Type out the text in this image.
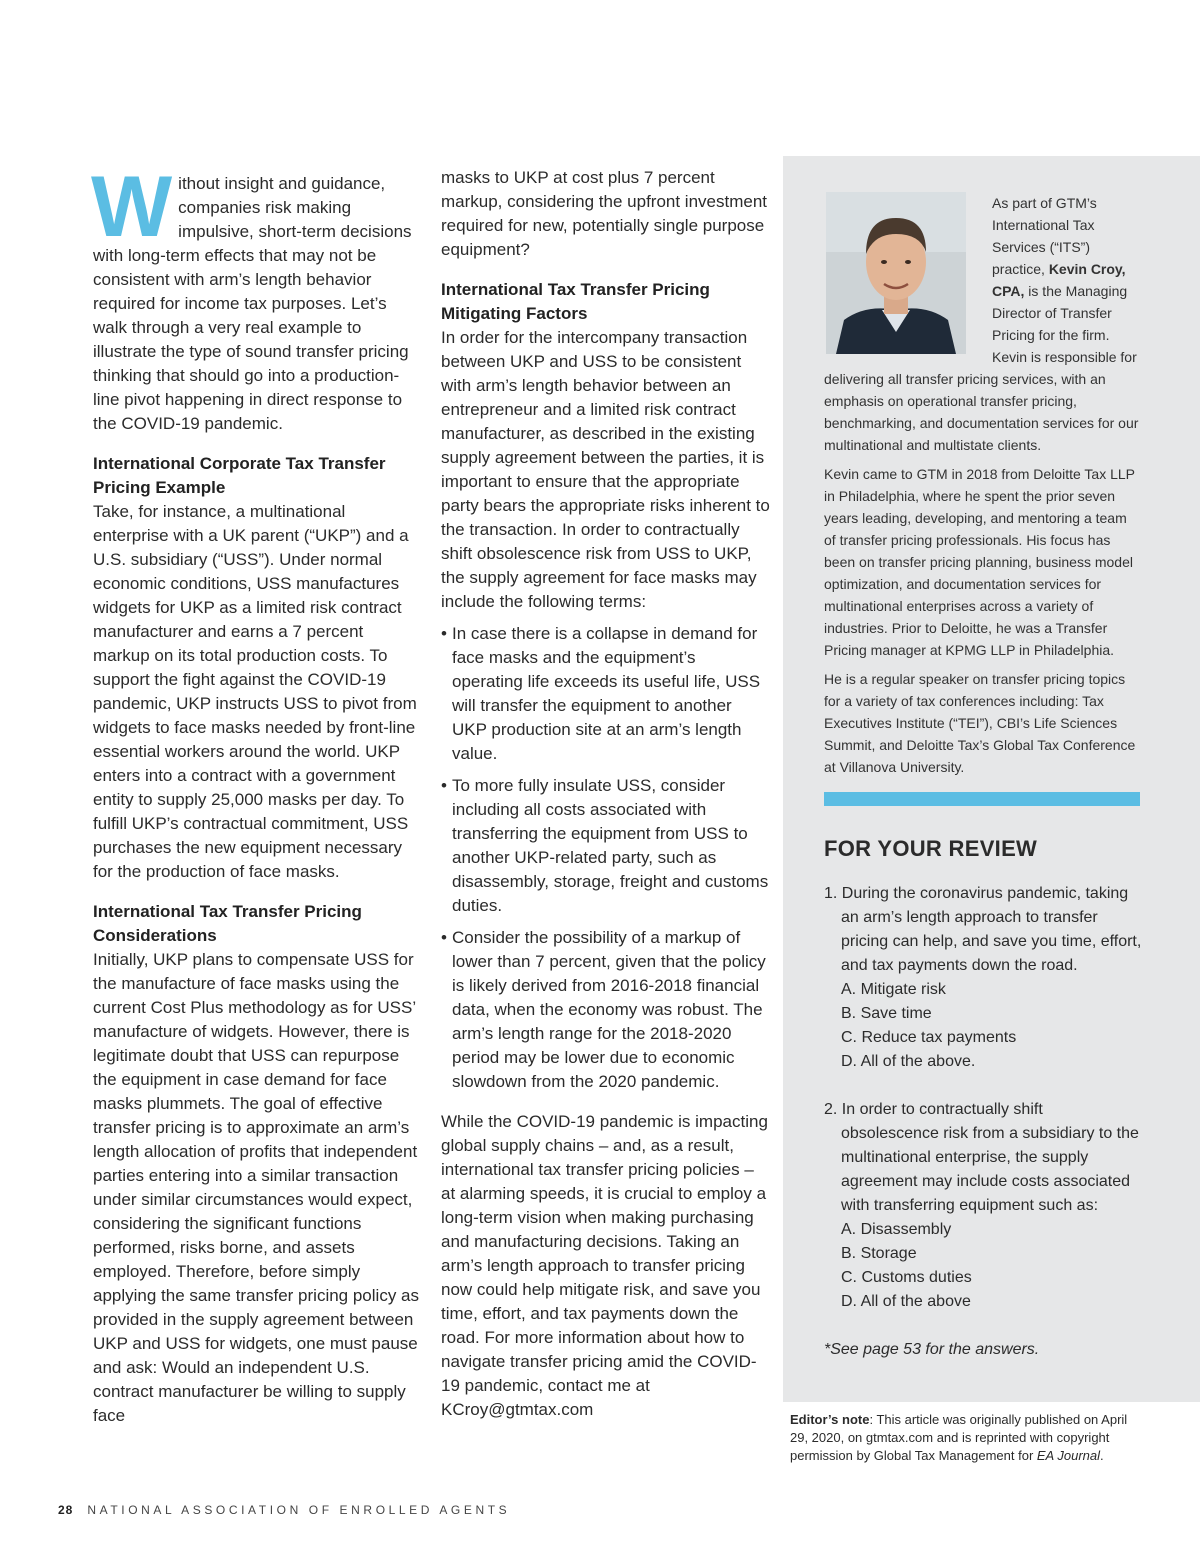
Without insight and guidance, companies risk making impulsive, short-term decisions with long-term effects that may not be consistent with arm’s length behavior required for income tax purposes. Let’s walk through a very real example to illustrate the type of sound transfer pricing thinking that should go into a production-line pivot happening in direct response to the COVID-19 pandemic.

International Corporate Tax Transfer Pricing Example

Take, for instance, a multinational enterprise with a UK parent (“UKP”) and a U.S. subsidiary (“USS”). Under normal economic conditions, USS manufactures widgets for UKP as a limited risk contract manufacturer and earns a 7 percent markup on its total production costs. To support the fight against the COVID-19 pandemic, UKP instructs USS to pivot from widgets to face masks needed by front-line essential workers around the world. UKP enters into a contract with a government entity to supply 25,000 masks per day. To fulfill UKP’s contractual commitment, USS purchases the new equipment necessary for the production of face masks.

International Tax Transfer Pricing Considerations

Initially, UKP plans to compensate USS for the manufacture of face masks using the current Cost Plus methodology as for USS’ manufacture of widgets. However, there is legitimate doubt that USS can repurpose the equipment in case demand for face masks plummets. The goal of effective transfer pricing is to approximate an arm’s length allocation of profits that independent parties entering into a similar transaction under similar circumstances would expect, considering the significant functions performed, risks borne, and assets employed. Therefore, before simply applying the same transfer pricing policy as provided in the supply agreement between UKP and USS for widgets, one must pause and ask: Would an independent U.S. contract manufacturer be willing to supply face

masks to UKP at cost plus 7 percent markup, considering the upfront investment required for new, potentially single purpose equipment?

International Tax Transfer Pricing Mitigating Factors

In order for the intercompany transaction between UKP and USS to be consistent with arm’s length behavior between an entrepreneur and a limited risk contract manufacturer, as described in the existing supply agreement between the parties, it is important to ensure that the appropriate party bears the appropriate risks inherent to the transaction. In order to contractually shift obsolescence risk from USS to UKP, the supply agreement for face masks may include the following terms:

• In case there is a collapse in demand for face masks and the equipment’s operating life exceeds its useful life, USS will transfer the equipment to another UKP production site at an arm’s length value.
• To more fully insulate USS, consider including all costs associated with transferring the equipment from USS to another UKP-related party, such as disassembly, storage, freight and customs duties.
• Consider the possibility of a markup of lower than 7 percent, given that the policy is likely derived from 2016-2018 financial data, when the economy was robust. The arm’s length range for the 2018-2020 period may be lower due to economic slowdown from the 2020 pandemic.

While the COVID-19 pandemic is impacting global supply chains – and, as a result, international tax transfer pricing policies – at alarming speeds, it is crucial to employ a long-term vision when making purchasing and manufacturing decisions. Taking an arm’s length approach to transfer pricing now could help mitigate risk, and save you time, effort, and tax payments down the road. For more information about how to navigate transfer pricing amid the COVID-19 pandemic, contact me at KCroy@gtmtax.com

As part of GTM’s International Tax Services (“ITS”) practice, Kevin Croy, CPA, is the Managing Director of Transfer Pricing for the firm. Kevin is responsible for delivering all transfer pricing services, with an emphasis on operational transfer pricing, benchmarking, and documentation services for our multinational and multistate clients.

Kevin came to GTM in 2018 from Deloitte Tax LLP in Philadelphia, where he spent the prior seven years leading, developing, and mentoring a team of transfer pricing professionals. His focus has been on transfer pricing planning, business model optimization, and documentation services for multinational enterprises across a variety of industries. Prior to Deloitte, he was a Transfer Pricing manager at KPMG LLP in Philadelphia.

He is a regular speaker on transfer pricing topics for a variety of tax conferences including: Tax Executives Institute (“TEI”), CBI’s Life Sciences Summit, and Deloitte Tax’s Global Tax Conference at Villanova University.

FOR YOUR REVIEW
1. During the coronavirus pandemic, taking an arm’s length approach to transfer pricing can help, and save you time, effort, and tax payments down the road.
A. Mitigate risk
B. Save time
C. Reduce tax payments
D. All of the above.
2. In order to contractually shift obsolescence risk from a subsidiary to the multinational enterprise, the supply agreement may include costs associated with transferring equipment such as:
A. Disassembly
B. Storage
C. Customs duties
D. All of the above
*See page 53 for the answers.
Editor’s note: This article was originally published on April 29, 2020, on gtmtax.com and is reprinted with copyright permission by Global Tax Management for EA Journal.
28 NATIONAL ASSOCIATION OF ENROLLED AGENTS
